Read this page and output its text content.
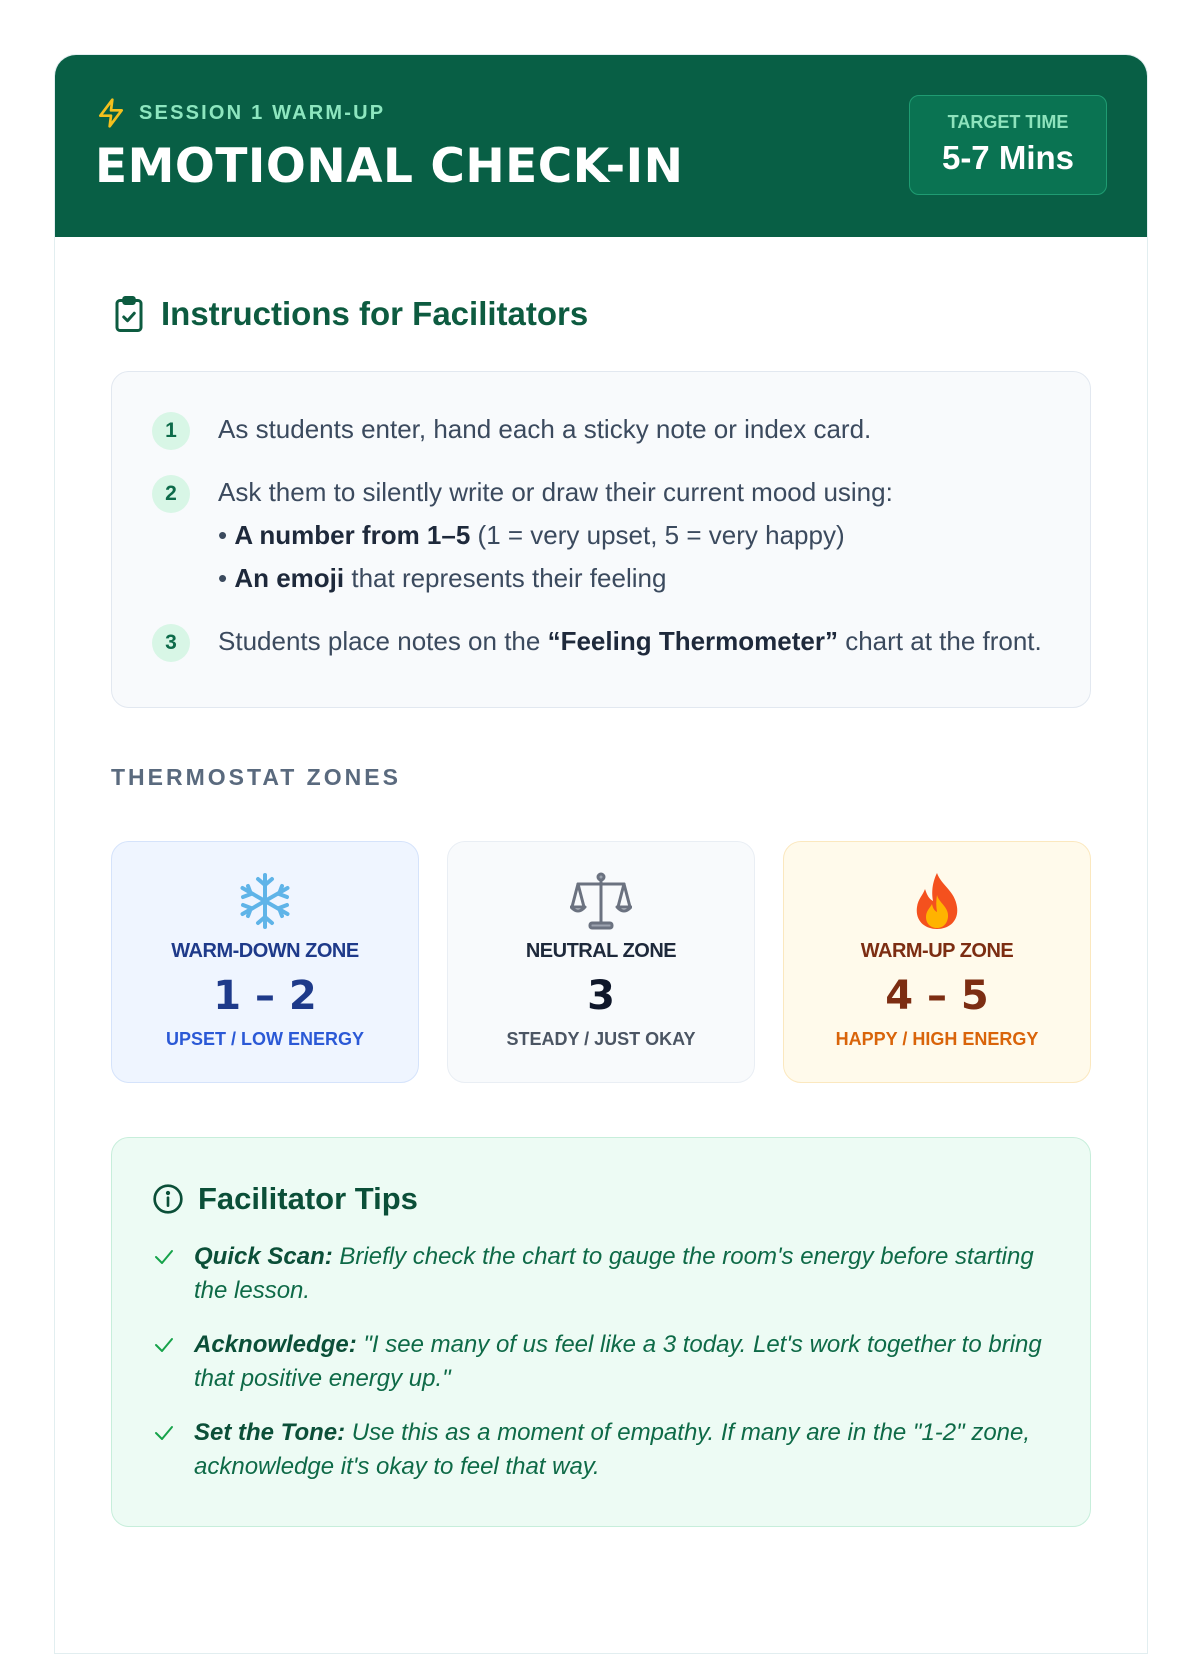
SESSION 1 WARM-UP
EMOTIONAL CHECK-IN
TARGET TIME
5-7 Mins
Instructions for Facilitators
1	As students enter, hand each a sticky note or index card.
2	Ask them to silently write or draw their current mood using:
• A number from 1–5 (1 = very upset, 5 = very happy)
• An emoji that represents their feeling
3	Students place notes on the “Feeling Thermometer” chart at the front.
THERMOSTAT ZONES
WARM-DOWN ZONE
1 – 2
UPSET / LOW ENERGY
NEUTRAL ZONE
3
STEADY / JUST OKAY
WARM-UP ZONE
4 – 5
HAPPY / HIGH ENERGY
Facilitator Tips
Quick Scan: Briefly check the chart to gauge the room's energy before starting the lesson.
Acknowledge: "I see many of us feel like a 3 today. Let's work together to bring that positive energy up."
Set the Tone: Use this as a moment of empathy. If many are in the "1-2" zone, acknowledge it's okay to feel that way.
